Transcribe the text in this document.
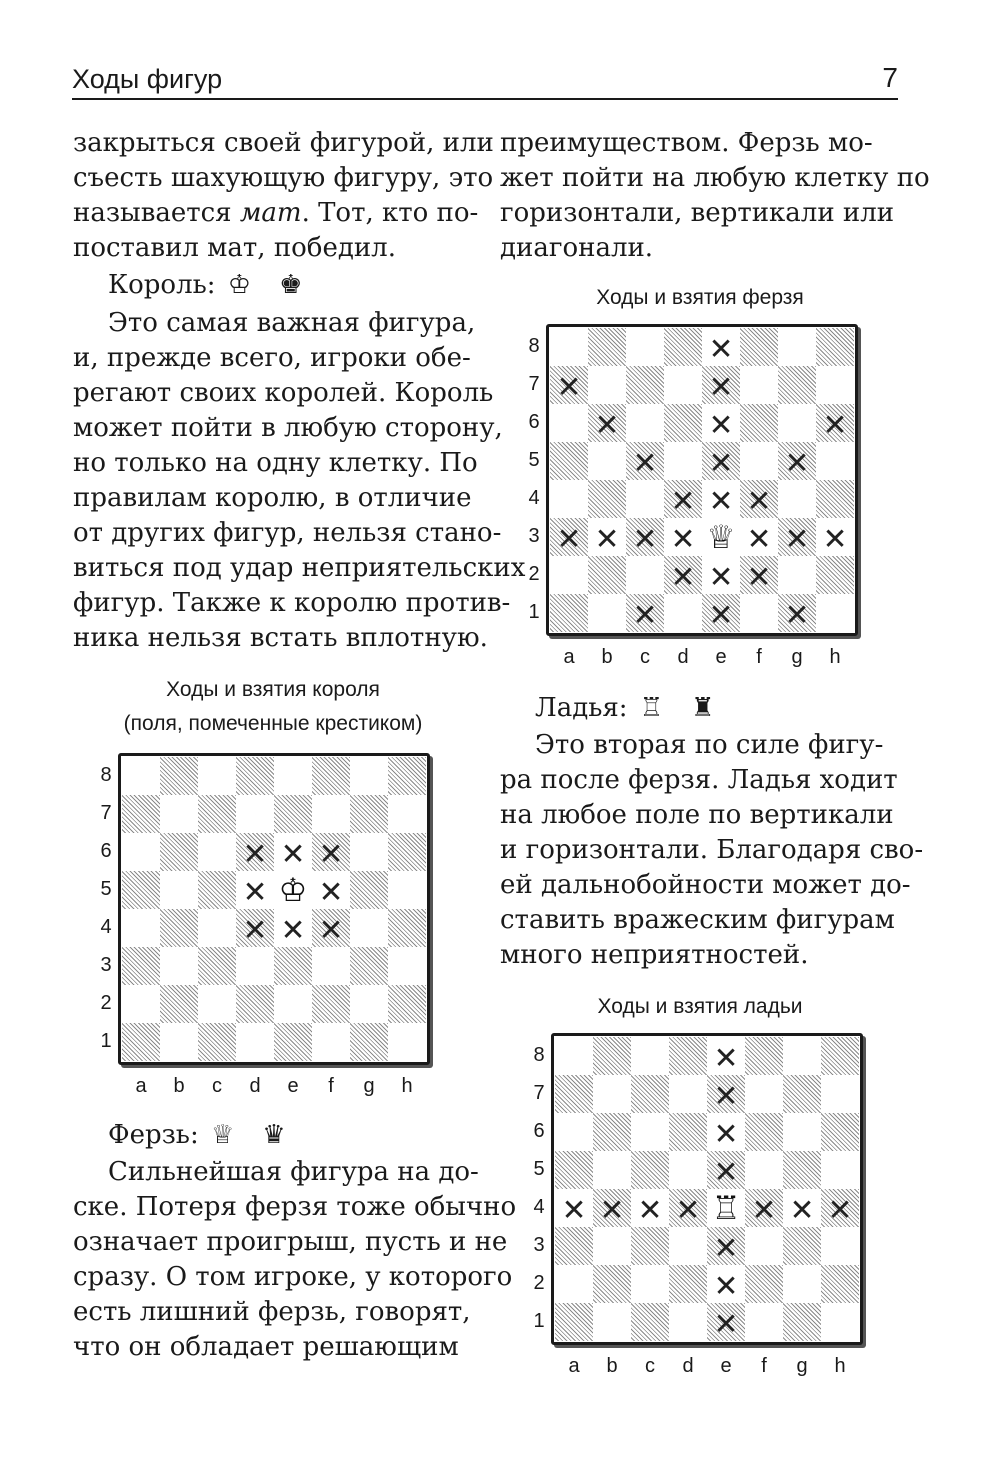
Ходы фигур	7
закрыться своей фигурой, или
съесть шахующую фигуру, это
называется мат. Тот, кто по-
поставил мат, победил.
Король: ♔ ♚
Это самая важная фигура,
и, прежде всего, игроки обе-
регают своих королей. Король
может пойти в любую сторону,
но только на одну клетку. По
правилам королю, в отличие
от других фигур, нельзя стано-
виться под удар неприятельских
фигур. Также к королю против-
ника нельзя встать вплотную.
Ходы и взятия короля
(поля, помеченные крестиком)
8
7
6
5
4
3
2
1
a	b	c	d	e	f	g	h
✕ ✕ ✕
✕ ✕
✕ ✕ ✕
♔
Ферзь: ♕ ♛
Сильнейшая фигура на до-
ске. Потеря ферзя тоже обычно
означает проигрыш, пусть и не
сразу. О том игроке, у которого
есть лишний ферзь, говорят,
что он обладает решающим
преимуществом. Ферзь мо-
жет пойти на любую клетку по
горизонтали, вертикали или
диагонали.
Ходы и взятия ферзя
8
7
6
5
4
3
2
1
a	b	c	d	e	f	g	h
✕
✕	✕
✕	✕	✕
✕ ✕ ✕
✕ ✕ ✕
✕ ✕ ✕ ✕ ✕ ✕ ✕
✕ ✕ ✕
✕ ✕ ✕
♕
Ладья: ♖ ♜
Это вторая по силе фигу-
ра после ферзя. Ладья ходит
на любое поле по вертикали
и горизонтали. Благодаря сво-
ей дальнобойности может до-
ставить вражеским фигурам
много неприятностей.
Ходы и взятия ладьи
8
7
6
5
4
3
2
1
a	b	c	d	e	f	g	h
✕
✕
✕
✕
✕ ✕ ✕ ✕ ✕ ✕ ✕
✕
✕
✕
♖
